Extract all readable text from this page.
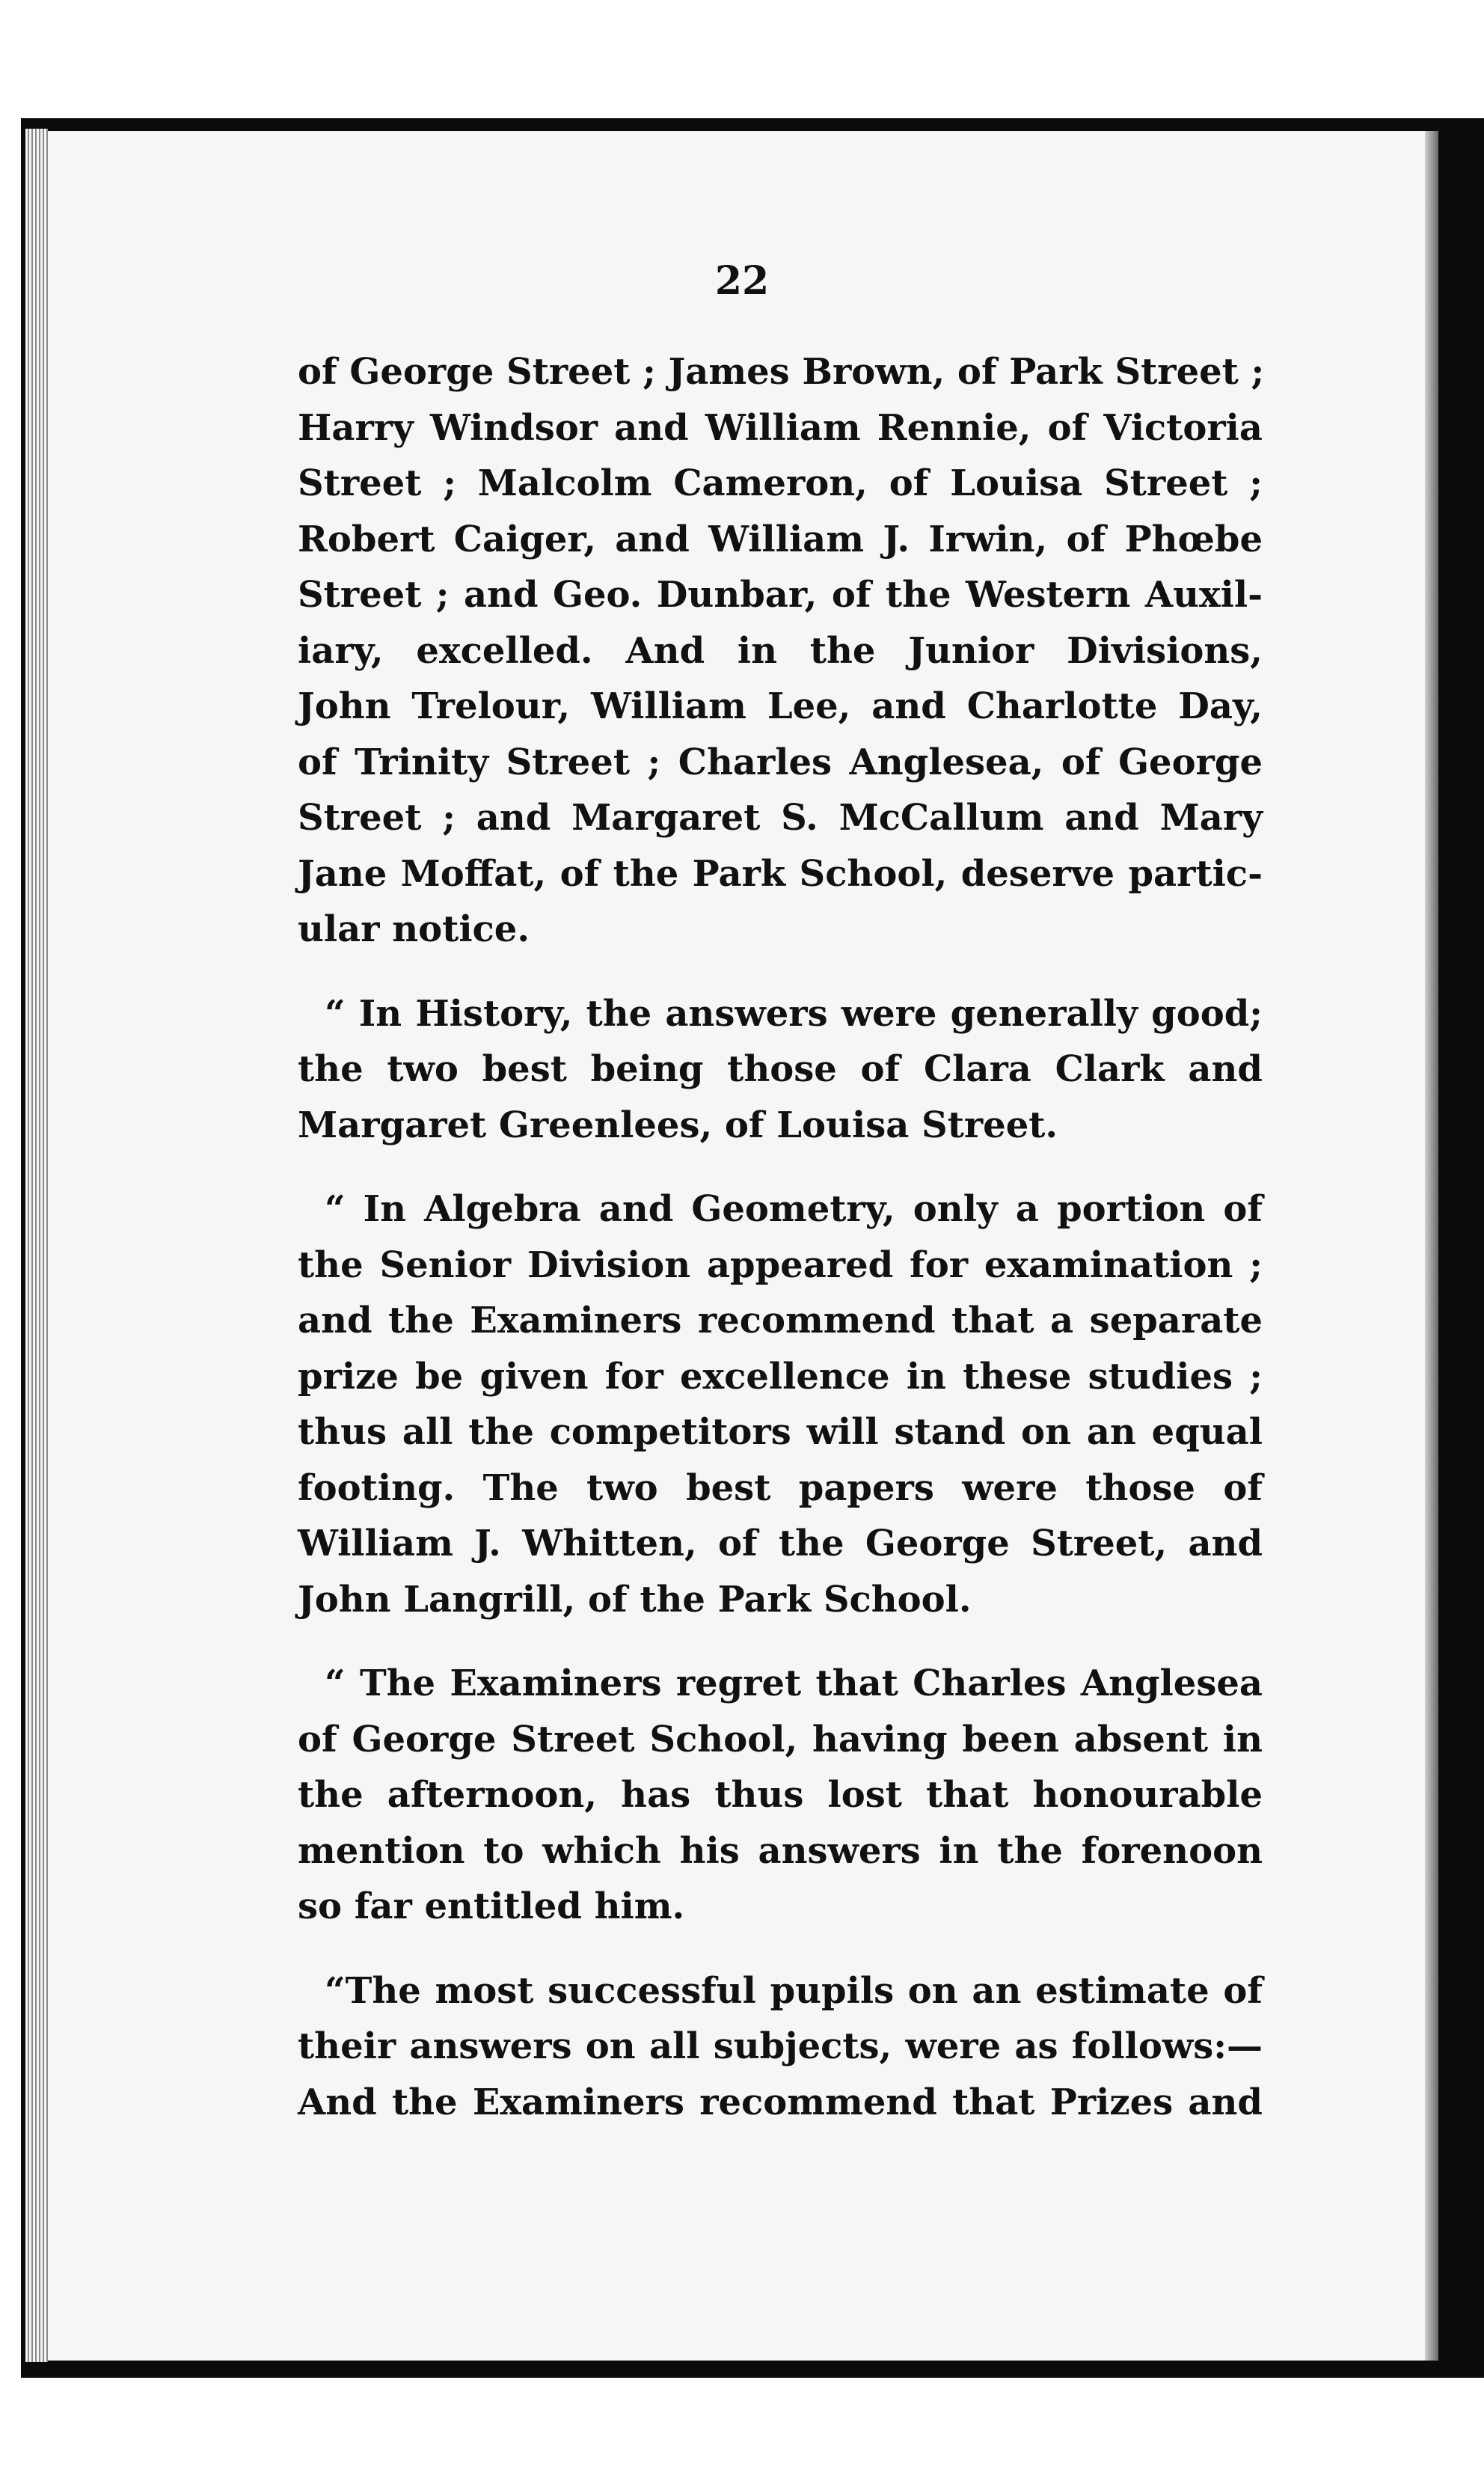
22

of George Street ; James Brown, of Park Street ;
Harry Windsor and William Rennie, of Victoria
Street ; Malcolm Cameron, of Louisa Street ;
Robert Caiger, and William J. Irwin, of Phœbe
Street ; and Geo. Dunbar, of the Western Auxil-
iary, excelled. And in the Junior Divisions,
John Trelour, William Lee, and Charlotte Day,
of Trinity Street ; Charles Anglesea, of George
Street ; and Margaret S. McCallum and Mary
Jane Moffat, of the Park School, deserve partic-
ular notice.

“ In History, the answers were generally good;
the two best being those of Clara Clark and
Margaret Greenlees, of Louisa Street.

“ In Algebra and Geometry, only a portion of
the Senior Division appeared for examination ;
and the Examiners recommend that a separate
prize be given for excellence in these studies ;
thus all the competitors will stand on an equal
footing. The two best papers were those of
William J. Whitten, of the George Street, and
John Langrill, of the Park School.

“ The Examiners regret that Charles Anglesea
of George Street School, having been absent in
the afternoon, has thus lost that honourable
mention to which his answers in the forenoon
so far entitled him.

“The most successful pupils on an estimate of
their answers on all subjects, were as follows:—
And the Examiners recommend that Prizes and
